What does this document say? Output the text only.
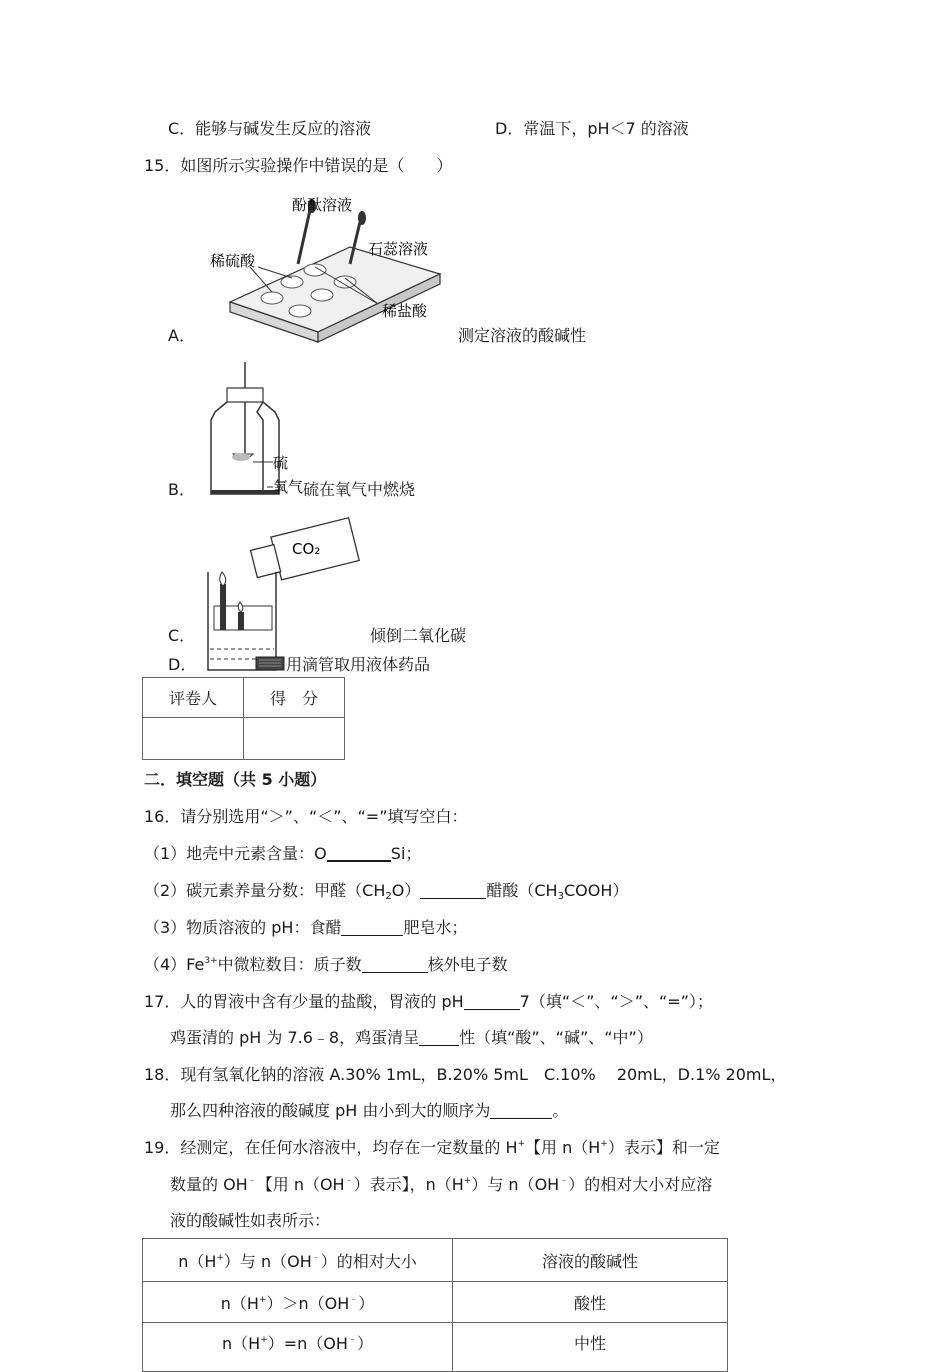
C．能够与碱发生反应的溶液	D．常温下，pH＜7 的溶液
15．如图所示实验操作中错误的是（　　）
酚酞溶液
石蕊溶液
稀硫酸
稀盐酸
A．	测定溶液的酸碱性
硫
氧气
B．	硫在氧气中燃烧
CO₂
C．	倾倒二氧化碳
D．	用滴管取用液体药品
评卷人	得　分

二．填空题（共 5 小题）
16．请分别选用“＞”、“＜”、“=”填写空白：
（1）地壳中元素含量：O	Si；
（2）碳元素养量分数：甲醛$(CH_2O)$	醋酸$(CH_3COOH)$
（3）物质溶液的 pH：食醋	肥皂水；
$(4)Fe^{3+}$中微粒数目：质子数	核外电子数
17．人的胃液中含有少量的盐酸，胃液的 pH	7（填“＜”、“＞”、“=”）；
鸡蛋清的 pH 为 7.6﹣8，鸡蛋清呈	性（填“酸”、“碱”、“中”）
18．现有氢氧化钠的溶液 A.30% 1mL，B.20% 5mL　C.10%　 20mL，D.1% 20mL，
那么四种溶液的酸碱度 pH 由小到大的顺序为	。
19．经测定，在任何水溶液中，均存在一定数量的 H+【用 n（H+）表示】和一定
数量的 OH﹣【用 n（OH﹣）表示】，n（H+）与 n（OH﹣）的相对大小对应溶
液的酸碱性如表所示：
n（H+）与 n（OH﹣）的相对大小	溶液的酸碱性
n（H+）＞n（OH﹣）	酸性
n（H+）=n（OH﹣）	中性
